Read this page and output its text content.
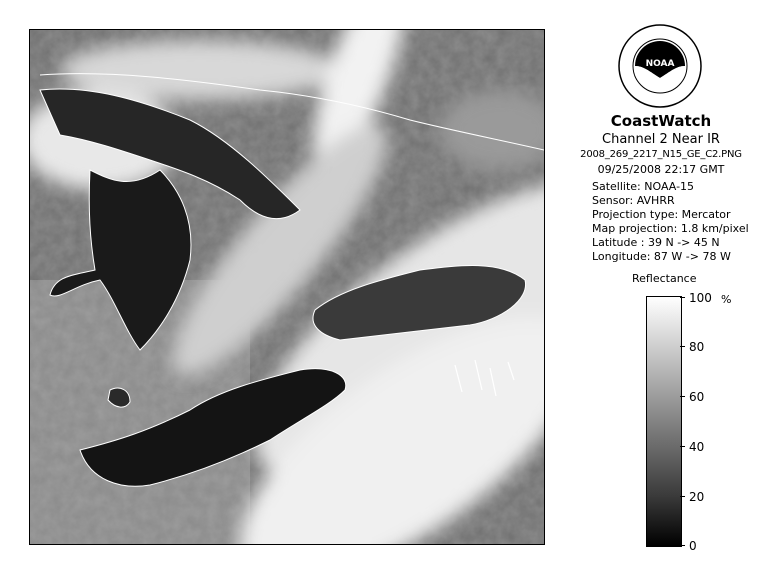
NOAA
CoastWatch
Channel 2 Near IR
2008_269_2217_N15_GE_C2.PNG
09/25/2008 22:17 GMT
Satellite: NOAA-15
Sensor: AVHRR
Projection type: Mercator
Map projection: 1.8 km/pixel
Latitude : 39 N -> 45 N
Longitude: 87 W -> 78 W
Reflectance
%
100
80
60
40
20
0
